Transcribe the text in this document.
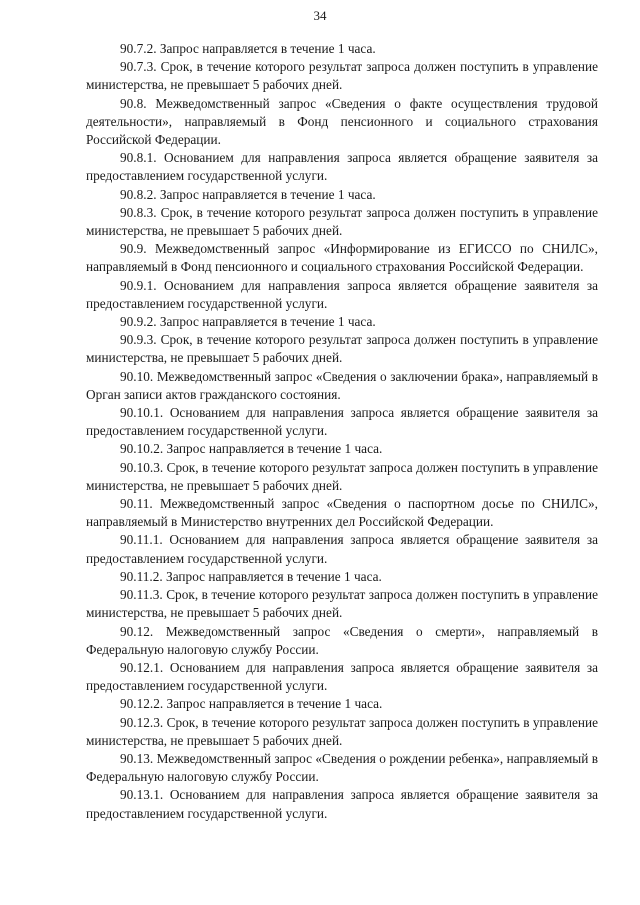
34

90.7.2. Запрос направляется в течение 1 часа.

90.7.3. Срок, в течение которого результат запроса должен поступить в управление министерства, не превышает 5 рабочих дней.

90.8. Межведомственный запрос «Сведения о факте осуществления трудовой деятельности», направляемый в Фонд пенсионного и социального страхования Российской Федерации.

90.8.1. Основанием для направления запроса является обращение заявителя за предоставлением государственной услуги.

90.8.2. Запрос направляется в течение 1 часа.

90.8.3. Срок, в течение которого результат запроса должен поступить в управление министерства, не превышает 5 рабочих дней.

90.9. Межведомственный запрос «Информирование из ЕГИССО по СНИЛС», направляемый в Фонд пенсионного и социального страхования Российской Федерации.

90.9.1. Основанием для направления запроса является обращение заявителя за предоставлением государственной услуги.

90.9.2. Запрос направляется в течение 1 часа.

90.9.3. Срок, в течение которого результат запроса должен поступить в управление министерства, не превышает 5 рабочих дней.

90.10. Межведомственный запрос «Сведения о заключении брака», направляемый в Орган записи актов гражданского состояния.

90.10.1. Основанием для направления запроса является обращение заявителя за предоставлением государственной услуги.

90.10.2. Запрос направляется в течение 1 часа.

90.10.3. Срок, в течение которого результат запроса должен поступить в управление министерства, не превышает 5 рабочих дней.

90.11. Межведомственный запрос «Сведения о паспортном досье по СНИЛС», направляемый в Министерство внутренних дел Российской Федерации.

90.11.1. Основанием для направления запроса является обращение заявителя за предоставлением государственной услуги.

90.11.2. Запрос направляется в течение 1 часа.

90.11.3. Срок, в течение которого результат запроса должен поступить в управление министерства, не превышает 5 рабочих дней.

90.12. Межведомственный запрос «Сведения о смерти», направляемый в Федеральную налоговую службу России.

90.12.1. Основанием для направления запроса является обращение заявителя за предоставлением государственной услуги.

90.12.2. Запрос направляется в течение 1 часа.

90.12.3. Срок, в течение которого результат запроса должен поступить в управление министерства, не превышает 5 рабочих дней.

90.13. Межведомственный запрос «Сведения о рождении ребенка», направляемый в Федеральную налоговую службу России.

90.13.1. Основанием для направления запроса является обращение заявителя за предоставлением государственной услуги.
